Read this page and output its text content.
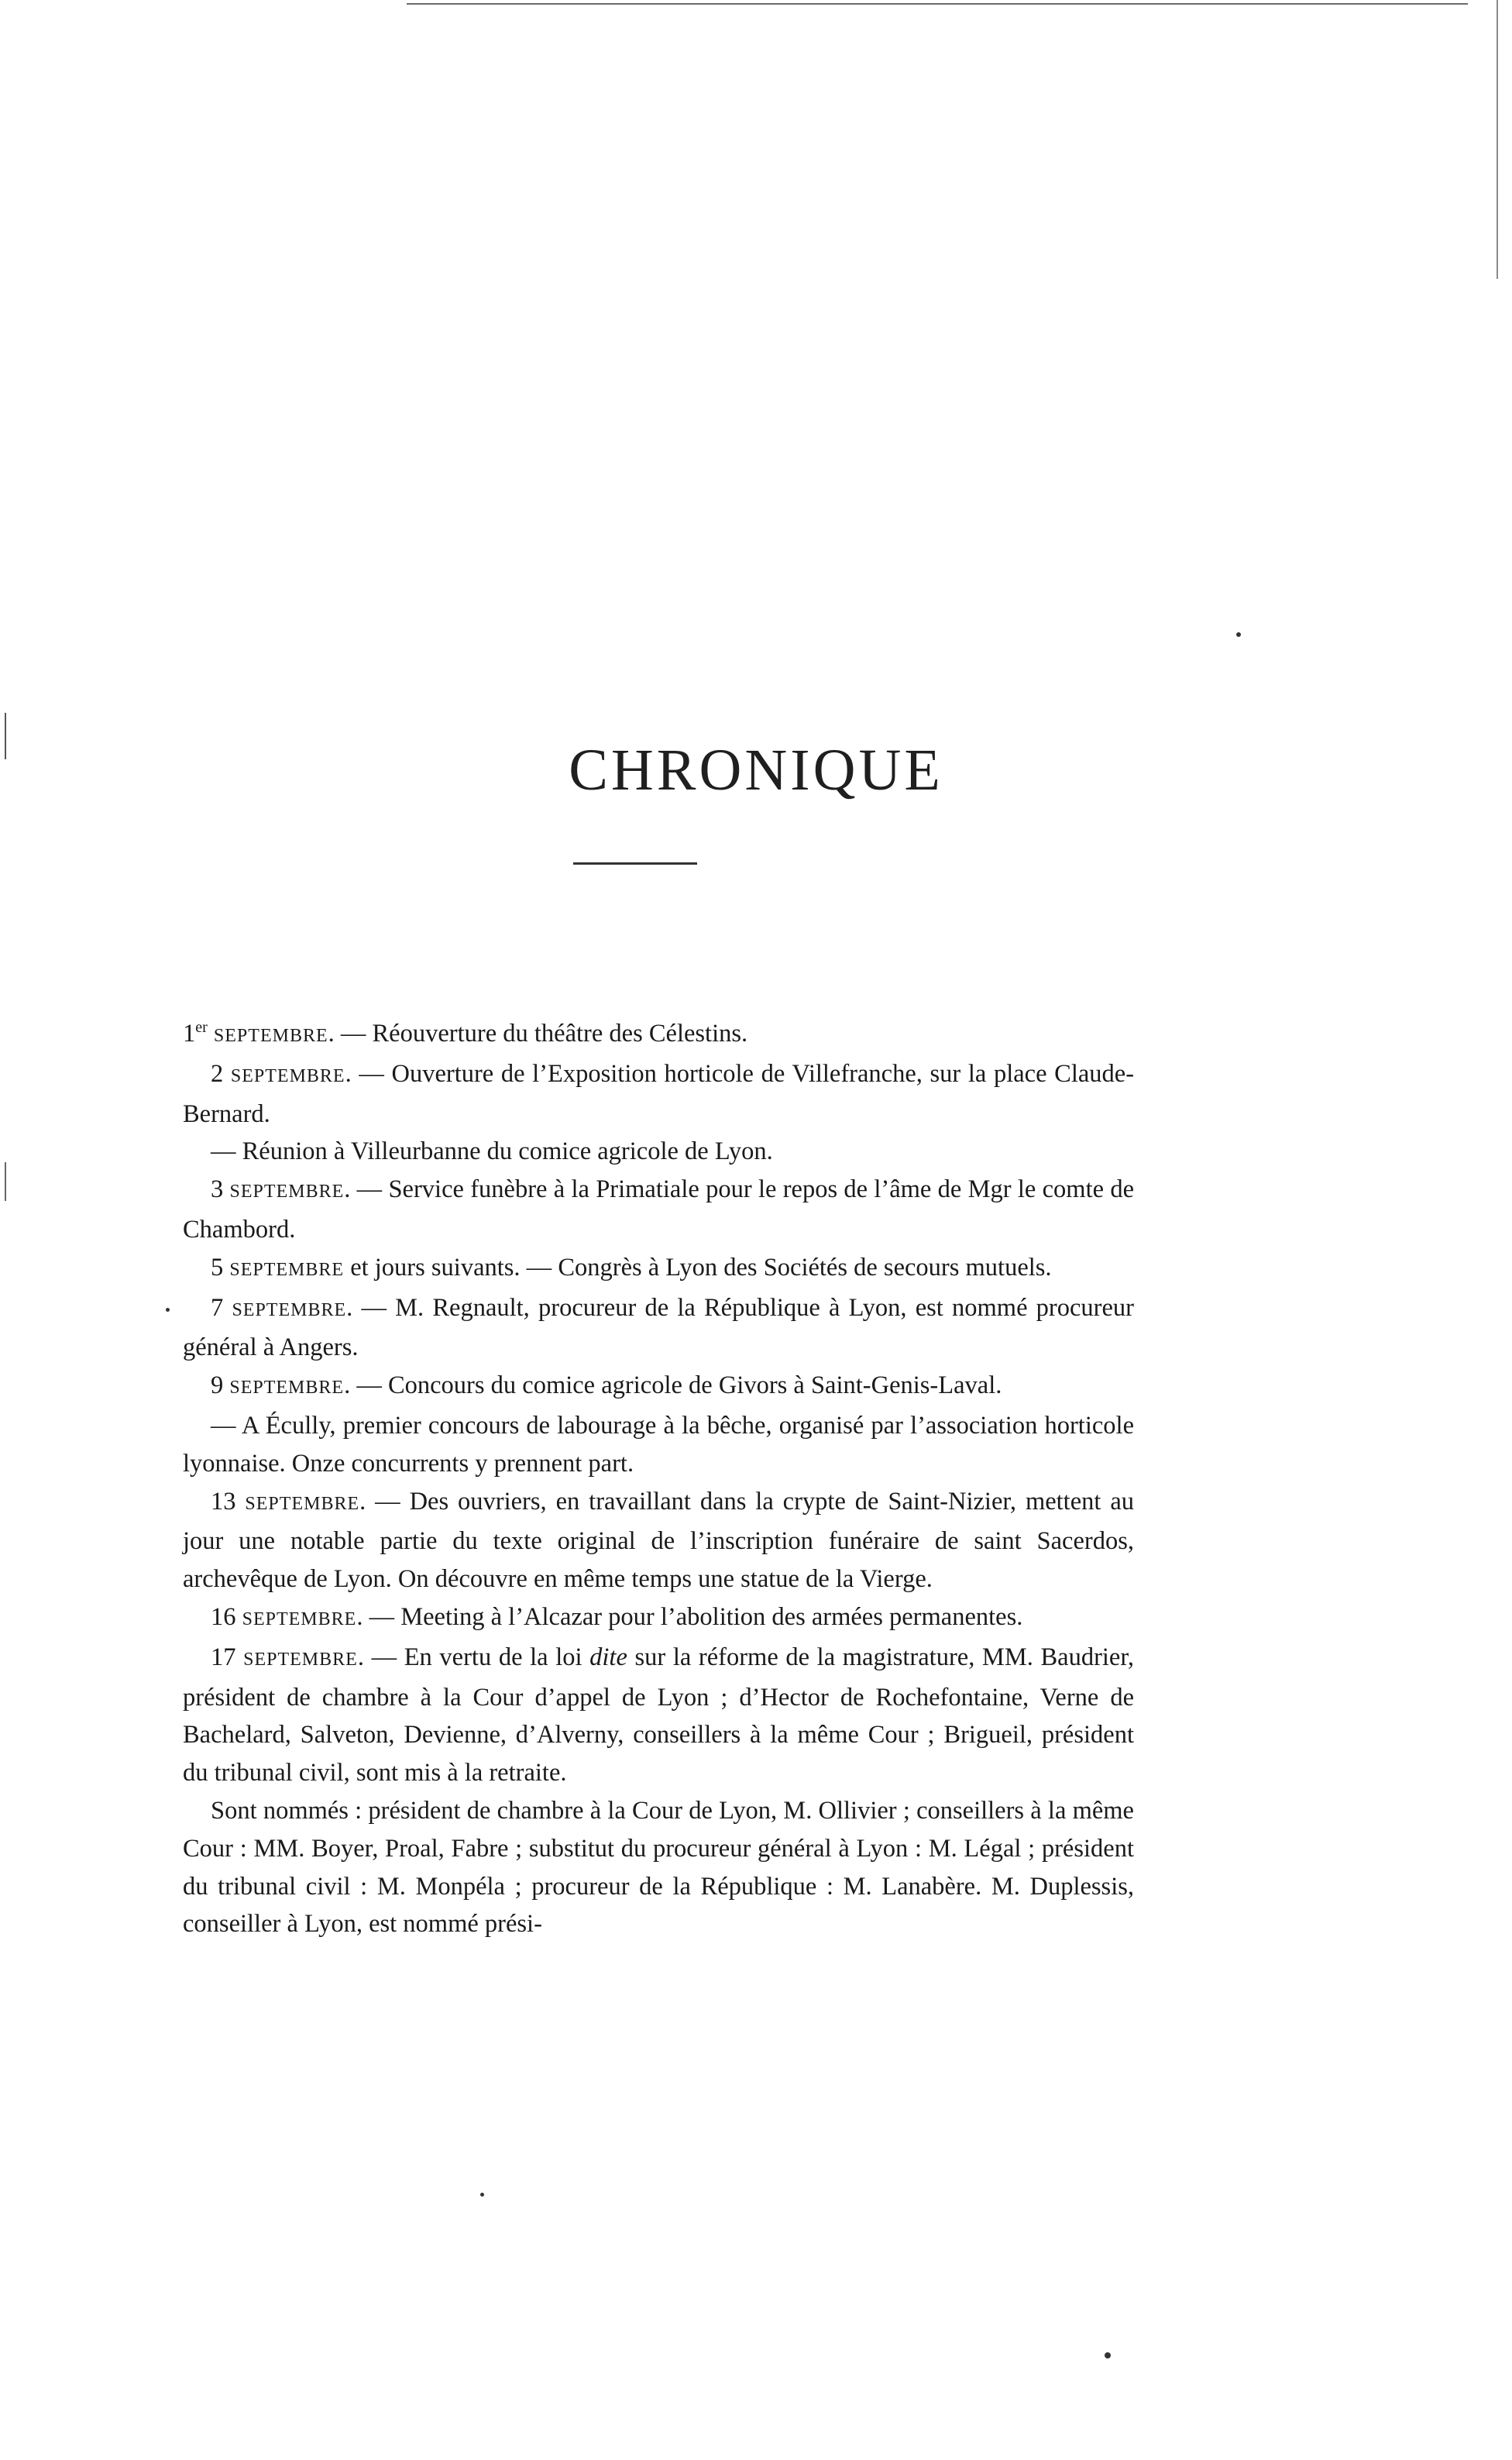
CHRONIQUE

1er SEPTEMBRE. — Réouverture du théâtre des Célestins.

2 SEPTEMBRE. — Ouverture de l’Exposition horticole de Villefranche, sur la place Claude-Bernard.

— Réunion à Villeurbanne du comice agricole de Lyon.

3 SEPTEMBRE. — Service funèbre à la Primatiale pour le repos de l’âme de Mgr le comte de Chambord.

5 SEPTEMBRE et jours suivants. — Congrès à Lyon des Sociétés de secours mutuels.

7 SEPTEMBRE. — M. Regnault, procureur de la République à Lyon, est nommé procureur général à Angers.

9 SEPTEMBRE. — Concours du comice agricole de Givors à Saint-Genis-Laval.

— A Écully, premier concours de labourage à la bêche, organisé par l’association horticole lyonnaise. Onze concurrents y prennent part.

13 SEPTEMBRE. — Des ouvriers, en travaillant dans la crypte de Saint-Nizier, mettent au jour une notable partie du texte original de l’inscription funéraire de saint Sacerdos, archevêque de Lyon. On découvre en même temps une statue de la Vierge.

16 SEPTEMBRE. — Meeting à l’Alcazar pour l’abolition des armées permanentes.

17 SEPTEMBRE. — En vertu de la loi dite sur la réforme de la magistrature, MM. Baudrier, président de chambre à la Cour d’appel de Lyon ; d’Hector de Rochefontaine, Verne de Bachelard, Salveton, Devienne, d’Alverny, conseillers à la même Cour ; Brigueil, président du tribunal civil, sont mis à la retraite.

Sont nommés : président de chambre à la Cour de Lyon, M. Ollivier ; conseillers à la même Cour : MM. Boyer, Proal, Fabre ; substitut du procureur général à Lyon : M. Légal ; président du tribunal civil : M. Monpéla ; procureur de la République : M. Lanabère. M. Duplessis, conseiller à Lyon, est nommé prési-
